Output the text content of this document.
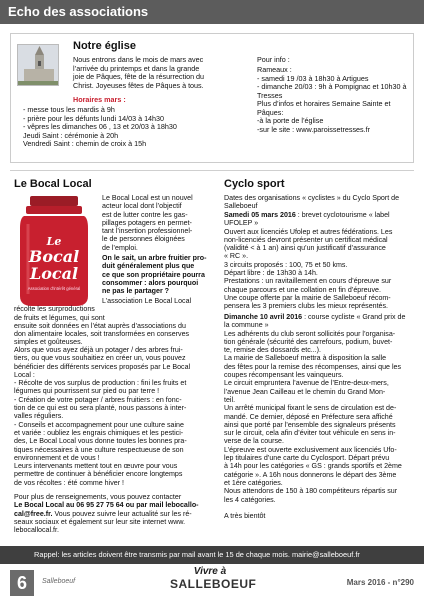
Echo des associations
Notre église
Nous entrons dans le mois de mars avec
l’arrivée du printemps et dans la grande
joie de Pâques, fête de la résurrection du
Christ. Joyeuses fêtes de Pâques à tous.
Horaires mars :
- messe tous les mardis à 9h
- prière pour les défunts lundi 14/03 à 14h30
- vêpres les dimanches 06 , 13 et 20/03 à 18h30
Jeudi Saint : cérémonie à 20h
Vendredi Saint : chemin de croix à 15h
Pour info :
Rameaux :
- samedi 19 /03 à 18h30 à Artigues
- dimanche 20/03 : 9h à Pompignac et 10h30 à Tresses
Plus d’infos et horaires Semaine Sainte et Pâques:
-à la porte de l’église
-sur le site : www.paroissetresses.fr
Le Bocal Local
Le
Bocal
Local
Association d'intérêt général
Le Bocal Local est un nouvel
acteur local dont l’objectif
est de lutter contre les gas-
pillages potagers en permet-
tant l’insertion professionnel-
le de personnes éloignées
de l’emploi.
On le sait, un arbre fruitier pro-
duit généralement plus que
ce que son propriétaire pourra
consommer : alors pourquoi
ne pas le partager ?
L’association Le Bocal Local
récolte les surproductions
de fruits et légumes, qui sont
ensuite soit données en l’état auprès d’associations du
don alimentaire locales, soit transformées en conserves
simples et goûteuses.
Alors que vous ayez déjà un potager / des arbres frui-
tiers, ou que vous souhaitiez en créer un, vous pouvez
bénéficier des différents services proposés par Le Bocal
Local :
- Récolte de vos surplus de production : fini les fruits et
légumes qui pourrissent sur pied ou par terre !
- Création de votre potager / arbres fruitiers : en fonc-
tion de ce qui est ou sera planté, nous passons à inter-
valles réguliers.
- Conseils et accompagnement pour une culture saine
et variée : oubliez les engrais chimiques et les pestici-
des, Le Bocal Local vous donne toutes les bonnes pra-
tiques nécessaires à une culture respectueuse de son
environnement et de vous !
Leurs intervenants mettent tout en œuvre pour vous
permettre de continuer à bénéficier encore longtemps
de vos récoltes : été comme hiver !
Pour plus de renseignements, vous pouvez contacter
Le Bocal Local au 06 95 27 75 64 ou par mail lebocallo-
cal@free.fr. Vous pouvez suivre leur actualité sur les ré-
seaux sociaux et également sur leur site internet www.
lebocallocal.fr.
Cyclo sport
Dates des organisations « cyclistes » du Cyclo Sport de
Salleboeuf
Samedi 05 mars 2016 : brevet cyclotourisme « label
UFOLEP »
Ouvert aux licenciés Ufolep et autres fédérations. Les
non-licenciés devront présenter un certificat médical
(validité < à 1 an) ainsi qu’un justificatif d’assurance
« RC ».
3 circuits proposés : 100, 75 et 50 kms.
Départ libre : de 13h30 à 14h.
Prestations : un ravitaillement en cours d’épreuve sur
chaque parcours et une collation en fin d’épreuve.
Une coupe offerte par la mairie de Salleboeuf récom-
pensera les 3 premiers clubs les mieux représentés.
Dimanche 10 avril 2016 : course cycliste « Grand prix de
la commune »
Les adhérents du club seront sollicités pour l’organisa-
tion générale (sécurité des carrefours, podium, buvet-
te, remise des dossards etc...).
La mairie de Salleboeuf mettra à disposition la salle
des fêtes pour la remise des récompenses, ainsi que les
coupes récompensant les vainqueurs.
Le circuit empruntera l’avenue de l’Entre-deux-mers,
l’avenue Jean Cailleau et le chemin du Grand Mon-
tei̇l.
Un arrêté municipal fixant le sens de circulation est de-
mandé. Ce dernier, déposé en Préfecture sera affiché
ainsi que porté par l’ensemble des signaleurs présents
sur le circuit, cela afin d’éviter tout véhicule en sens in-
verse de la course.
L’épreuve est ouverte exclusivement aux licenciés Ufo-
lep titulaires d’une carte du Cyclosport. Départ prévu
à 14h pour les catégories « GS : grands sportifs et 2ème
catégorie ». A 16h nous donnerons le départ des 3ème
et 1ère catégories.
Nous attendons de 150 à 180 compétiteurs répartis sur
les 4 catégories.

A très bientôt
Rappel: les articles doivent être transmis par mail avant le 15 de chaque mois. mairie@salleboeuf.fr
6	Salleboeuf
Vivre à
SALLEBOEUF	Mars 2016 - n°290
